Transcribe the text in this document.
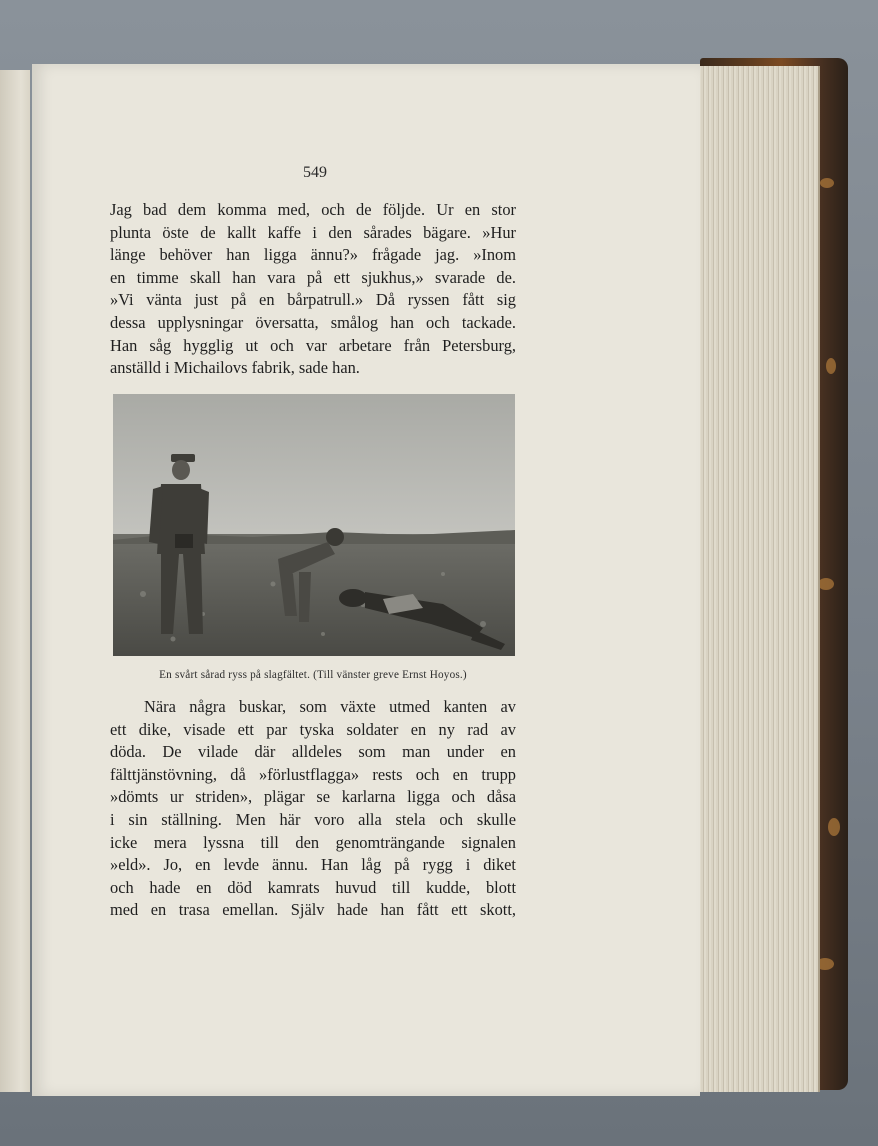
549
Jag bad dem komma med, och de följde. Ur en stor
plunta öste de kallt kaffe i den sårades bägare. »Hur
länge behöver han ligga ännu?» frågade jag. »Inom
en timme skall han vara på ett sjukhus,» svarade de.
»Vi vänta just på en bårpatrull.» Då ryssen fått sig
dessa upplysningar översatta, smålog han och tackade.
Han såg hygglig ut och var arbetare från Petersburg,
anställd i Michailovs fabrik, sade han.
En svårt sårad ryss på slagfältet. (Till vänster greve Ernst Hoyos.)
Nära några buskar, som växte utmed kanten av
ett dike, visade ett par tyska soldater en ny rad av
döda. De vilade där alldeles som man under en
fälttjänstövning, då »förlustflagga» rests och en trupp
»dömts ur striden», plägar se karlarna ligga och dåsa
i sin ställning. Men här voro alla stela och skulle
icke mera lyssna till den genomträngande signalen
»eld». Jo, en levde ännu. Han låg på rygg i diket
och hade en död kamrats huvud till kudde, blott
med en trasa emellan. Själv hade han fått ett skott,
